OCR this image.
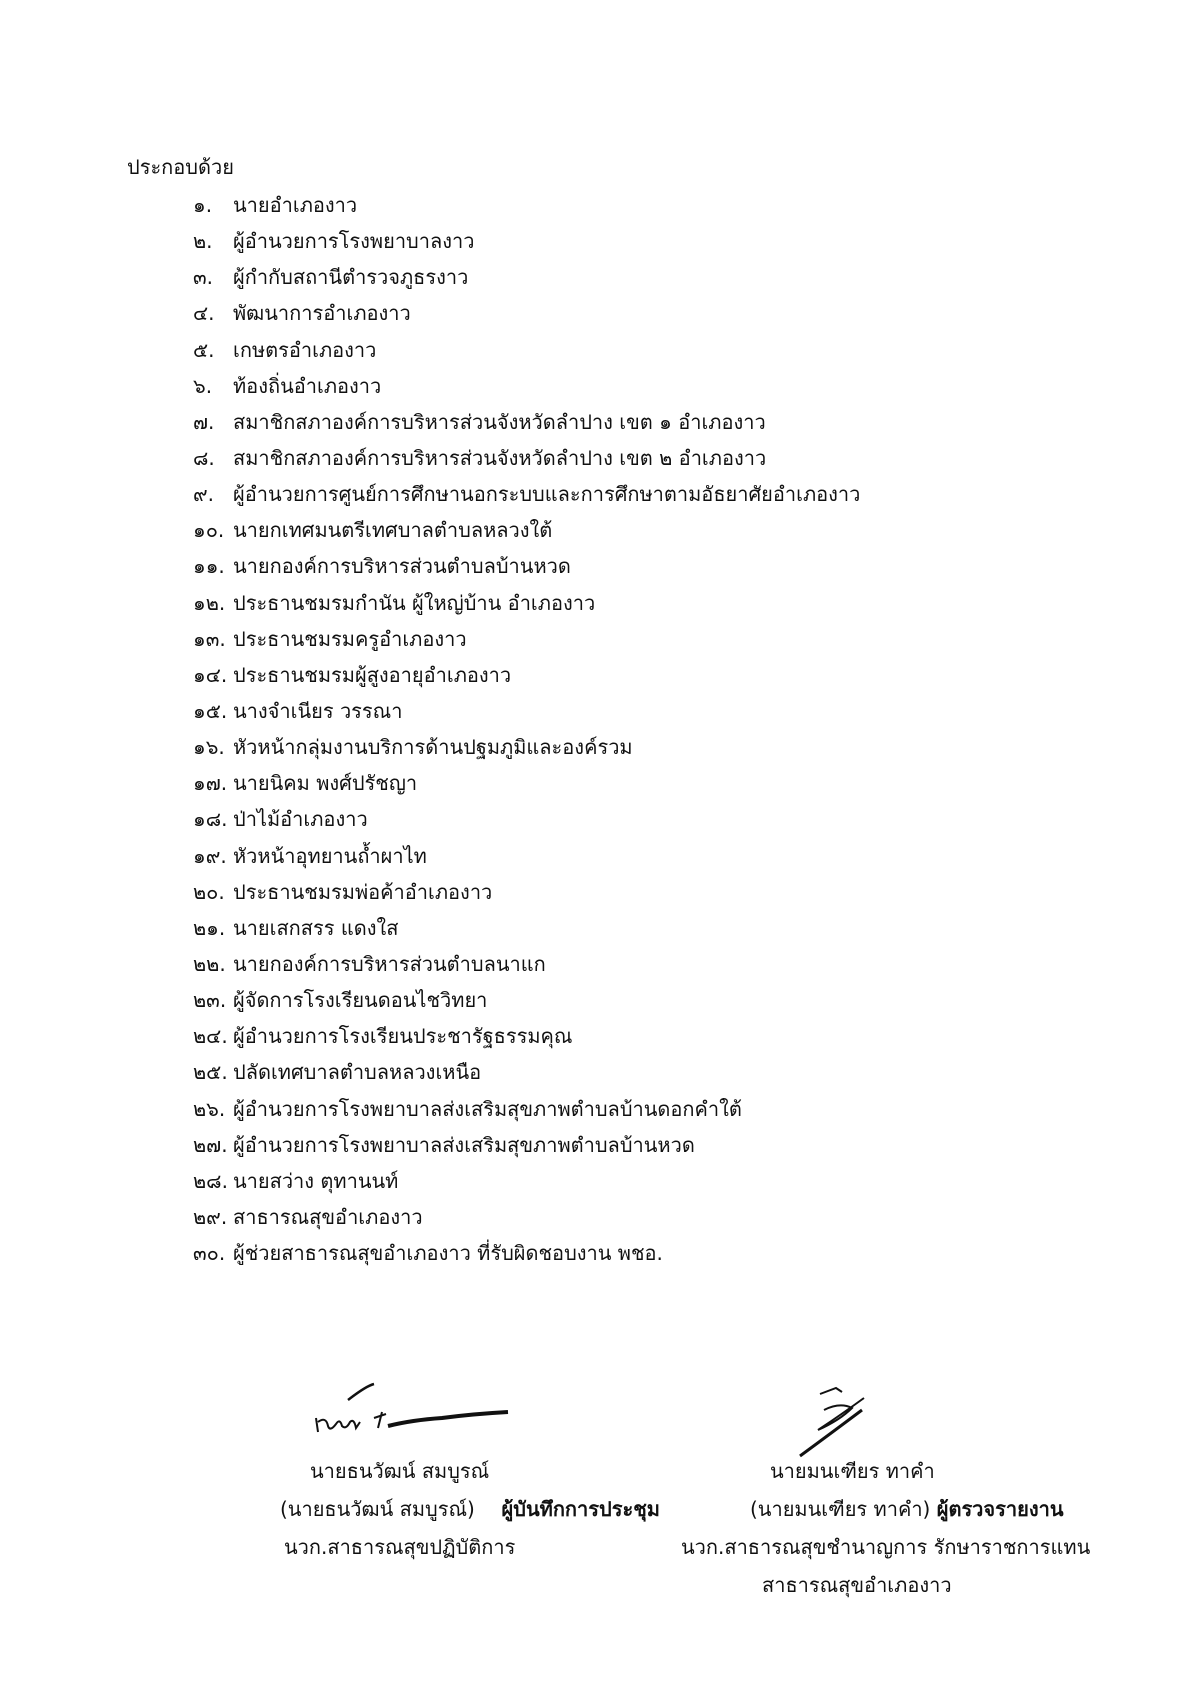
ประกอบด้วย
๑.	นายอำเภองาว
๒.	ผู้อำนวยการโรงพยาบาลงาว
๓. ผู้กำกับสถานีตำรวจภูธรงาว
๔. พัฒนาการอำเภองาว
๕. เกษตรอำเภองาว
๖.	ท้องถิ่นอำเภองาว
๗. สมาชิกสภาองค์การบริหารส่วนจังหวัดลำปาง เขต ๑ อำเภองาว
๘. สมาชิกสภาองค์การบริหารส่วนจังหวัดลำปาง เขต ๒ อำเภองาว
๙. ผู้อำนวยการศูนย์การศึกษานอกระบบและการศึกษาตามอัธยาศัยอำเภองาว
๑๐. นายกเทศมนตรีเทศบาลตำบลหลวงใต้
๑๑. นายกองค์การบริหารส่วนตำบลบ้านหวด
๑๒. ประธานชมรมกำนัน ผู้ใหญ่บ้าน อำเภองาว
๑๓. ประธานชมรมครูอำเภองาว
๑๔. ประธานชมรมผู้สูงอายุอำเภองาว
๑๕. นางจำเนียร วรรณา
๑๖. หัวหน้ากลุ่มงานบริการด้านปฐมภูมิและองค์รวม
๑๗. นายนิคม พงศ์ปรัชญา
๑๘. ป่าไม้อำเภองาว
๑๙. หัวหน้าอุทยานถ้ำผาไท
๒๐. ประธานชมรมพ่อค้าอำเภองาว
๒๑. นายเสกสรร แดงใส
๒๒. นายกองค์การบริหารส่วนตำบลนาแก
๒๓. ผู้จัดการโรงเรียนดอนไชวิทยา
๒๔. ผู้อำนวยการโรงเรียนประชารัฐธรรมคุณ
๒๕. ปลัดเทศบาลตำบลหลวงเหนือ
๒๖. ผู้อำนวยการโรงพยาบาลส่งเสริมสุขภาพตำบลบ้านดอกคำใต้
๒๗. ผู้อำนวยการโรงพยาบาลส่งเสริมสุขภาพตำบลบ้านหวด
๒๘. นายสว่าง ตุทานนท์
๒๙. สาธารณสุขอำเภองาว
๓๐. ผู้ช่วยสาธารณสุขอำเภองาว ที่รับผิดชอบงาน พชอ.
นายธนวัฒน์ สมบูรณ์
(นายธนวัฒน์ สมบูรณ์) ผู้บันทึกการประชุม
นวก.สาธารณสุขปฏิบัติการ
นายมนเฑียร ทาคำ
(นายมนเฑียร ทาคำ) ผู้ตรวจรายงาน
นวก.สาธารณสุขชำนาญการ รักษาราชการแทน
สาธารณสุขอำเภองาว
